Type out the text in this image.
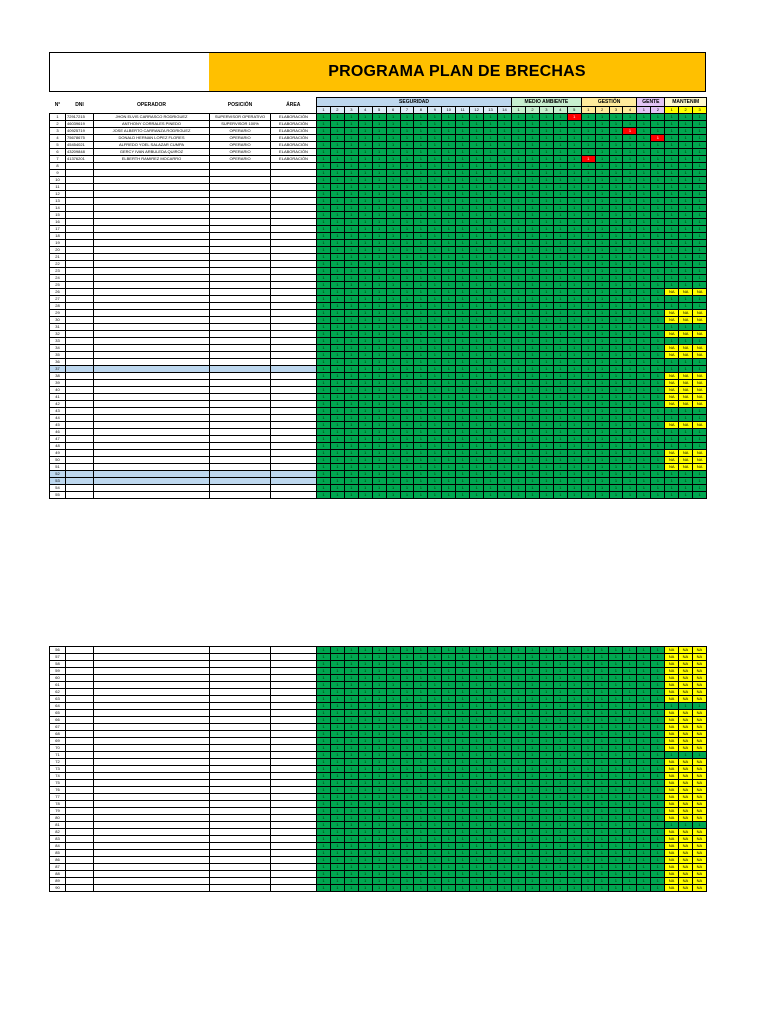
PROGRAMA PLAN DE BRECHAS
N°	DNI	OPERADOR	POSICIÓN	ÁREA	SEGURIDAD														MEDIO AMBIENTE					GESTIÓN				GENTE		MANTENIM		
					1	2	3	4	5	6	7	8	9	10	11	12	13	14	1	2	3	4	5	1	2	3	4	1	2	1	2	3
1	72917215	JHON ELVIS CARRASCO RODRIGUEZ	SUPERVISOR OPERATIVO	ELABORACIÓN	1	1	1	1	1	1	1	1	1	1	1	1	1	1	1	1	1	1	1	1	1	1	1	1	1	1	1	1
2	46039619	ANTHONY CORRALES PINEDO	SUPERVISOR 100%	ELABORACIÓN	1	1	1	1	1	1	1	1	1	1	1	1	1	1	1	1	1	1	1	1	1	1	1	1	1	1	1	1
3	40925719	JOSE ALBERTO CARRANZA RODRIGUEZ	OPERARIO	ELABORACIÓN	1	1	1	1	1	1	1	1	1	1	1	1	1	1	1	1	1	1	1	1	1	1	1	1	1	1	1	1
4	75678675	DONALD HERNAN LOPEZ FLORES	OPERARIO	ELABORACIÓN	1	1	1	1	1	1	1	1	1	1	1	1	1	1	1	1	1	1	1	1	1	1	1	1	1	1	1	1
5	45454021	ALFREDO YOEL SALAZAR CUMPA	OPERARIO	ELABORACIÓN	1	1	1	1	1	1	1	1	1	1	1	1	1	1	1	1	1	1	1	1	1	1	1	1	1	1	1	1
6	43209848	GERCY IVAN ARBULEDA QUIROZ	OPERARIO	ELABORACIÓN	1	1	1	1	1	1	1	1	1	1	1	1	1	1	1	1	1	1	1	1	1	1	1	1	1	1	1	1
7	41376201	ELBERTH RAMIREZ MOCARRO	OPERARIO	ELABORACIÓN	1	1	1	1	1	1	1	1	1	1	1	1	1	1	1	1	1	1	1	1	1	1	1	1	1	1	1	1
8					1	1	1	1	1	1	1	1	1	1	1	1	1	1	1	1	1	1	1	1	1	1	1	1	1	1	1	1
9					1	1	1	1	1	1	1	1	1	1	1	1	1	1	1	1	1	1	1	1	1	1	1	1	1	1	1	1
10					1	1	1	1	1	1	1	1	1	1	1	1	1	1	1	1	1	1	1	1	1	1	1	1	1	1	1	1
11					1	1	1	1	1	1	1	1	1	1	1	1	1	1	1	1	1	1	1	1	1	1	1	1	1	1	1	1
12					1	1	1	1	1	1	1	1	1	1	1	1	1	1	1	1	1	1	1	1	1	1	1	1	1	1	1	1
13					1	1	1	1	1	1	1	1	1	1	1	1	1	1	1	1	1	1	1	1	1	1	1	1	1	1	1	1
14					1	1	1	1	1	1	1	1	1	1	1	1	1	1	1	1	1	1	1	1	1	1	1	1	1	1	1	1
15					1	1	1	1	1	1	1	1	1	1	1	1	1	1	1	1	1	1	1	1	1	1	1	1	1	1	1	1
16					1	1	1	1	1	1	1	1	1	1	1	1	1	1	1	1	1	1	1	1	1	1	1	1	1	1	1	1
17					1	1	1	1	1	1	1	1	1	1	1	1	1	1	1	1	1	1	1	1	1	1	1	1	1	1	1	1
18					1	1	1	1	1	1	1	1	1	1	1	1	1	1	1	1	1	1	1	1	1	1	1	1	1	1	1	1
19					1	1	1	1	1	1	1	1	1	1	1	1	1	1	1	1	1	1	1	1	1	1	1	1	1	1	1	1
20					1	1	1	1	1	1	1	1	1	1	1	1	1	1	1	1	1	1	1	1	1	1	1	1	1	1	1	1
21					1	1	1	1	1	1	1	1	1	1	1	1	1	1	1	1	1	1	1	1	1	1	1	1	1	1	1	1
22					1	1	1	1	1	1	1	1	1	1	1	1	1	1	1	1	1	1	1	1	1	1	1	1	1	1	1	1
23					1	1	1	1	1	1	1	1	1	1	1	1	1	1	1	1	1	1	1	1	1	1	1	1	1	1	1	1
24					1	1	1	1	1	1	1	1	1	1	1	1	1	1	1	1	1	1	1	1	1	1	1	1	1	1	1	1
25					1	1	1	1	1	1	1	1	1	1	1	1	1	1	1	1	1	1	1	1	1	1	1	1	1	1	1	1
26					1	1	1	1	1	1	1	1	1	1	1	1	1	1	1	1	1	1	1	1	1	1	1	1	1	NA	NA	NA
27					1	1	1	1	1	1	1	1	1	1	1	1	1	1	1	1	1	1	1	1	1	1	1	1	1	1	1	1
28					1	1	1	1	1	1	1	1	1	1	1	1	1	1	1	1	1	1	1	1	1	1	1	1	1	1	1	1
29					1	1	1	1	1	1	1	1	1	1	1	1	1	1	1	1	1	1	1	1	1	1	1	1	1	NA	NA	NA
30					1	1	1	1	1	1	1	1	1	1	1	1	1	1	1	1	1	1	1	1	1	1	1	1	1	NA	NA	NA
31					1	1	1	1	1	1	1	1	1	1	1	1	1	1	1	1	1	1	1	1	1	1	1	1	1	1	1	1
32					1	1	1	1	1	1	1	1	1	1	1	1	1	1	1	1	1	1	1	1	1	1	1	1	1	NA	NA	NA
33					1	1	1	1	1	1	1	1	1	1	1	1	1	1	1	1	1	1	1	1	1	1	1	1	1	1	1	1
34					1	1	1	1	1	1	1	1	1	1	1	1	1	1	1	1	1	1	1	1	1	1	1	1	1	NA	NA	NA
35					1	1	1	1	1	1	1	1	1	1	1	1	1	1	1	1	1	1	1	1	1	1	1	1	1	NA	NA	NA
36					1	1	1	1	1	1	1	1	1	1	1	1	1	1	1	1	1	1	1	1	1	1	1	1	1	1	1	1
37					1	1	1	1	1	1	1	1	1	1	1	1	1	1	1	1	1	1	1	1	1	1	1	1	1	1	1	1
38					1	1	1	1	1	1	1	1	1	1	1	1	1	1	1	1	1	1	1	1	1	1	1	1	1	NA	NA	NA
39					1	1	1	1	1	1	1	1	1	1	1	1	1	1	1	1	1	1	1	1	1	1	1	1	1	NA	NA	NA
40					1	1	1	1	1	1	1	1	1	1	1	1	1	1	1	1	1	1	1	1	1	1	1	1	1	NA	NA	NA
41					1	1	1	1	1	1	1	1	1	1	1	1	1	1	1	1	1	1	1	1	1	1	1	1	1	NA	NA	NA
42					1	1	1	1	1	1	1	1	1	1	1	1	1	1	1	1	1	1	1	1	1	1	1	1	1	NA	NA	NA
43					1	1	1	1	1	1	1	1	1	1	1	1	1	1	1	1	1	1	1	1	1	1	1	1	1	1	1	1
44					1	1	1	1	1	1	1	1	1	1	1	1	1	1	1	1	1	1	1	1	1	1	1	1	1	1	1	1
45					1	1	1	1	1	1	1	1	1	1	1	1	1	1	1	1	1	1	1	1	1	1	1	1	1	NA	NA	NA
46					1	1	1	1	1	1	1	1	1	1	1	1	1	1	1	1	1	1	1	1	1	1	1	1	1	1	1	1
47					1	1	1	1	1	1	1	1	1	1	1	1	1	1	1	1	1	1	1	1	1	1	1	1	1	1	1	1
48					1	1	1	1	1	1	1	1	1	1	1	1	1	1	1	1	1	1	1	1	1	1	1	1	1	1	1	1
49					1	1	1	1	1	1	1	1	1	1	1	1	1	1	1	1	1	1	1	1	1	1	1	1	1	NA	NA	NA
50					1	1	1	1	1	1	1	1	1	1	1	1	1	1	1	1	1	1	1	1	1	1	1	1	1	NA	NA	NA
51					1	1	1	1	1	1	1	1	1	1	1	1	1	1	1	1	1	1	1	1	1	1	1	1	1	NA	NA	NA
52					1	1	1	1	1	1	1	1	1	1	1	1	1	1	1	1	1	1	1	1	1	1	1	1	1	1	1	1
53					1	1	1	1	1	1	1	1	1	1	1	1	1	1	1	1	1	1	1	1	1	1	1	1	1	1	1	1
54					1	1	1	1	1	1	1	1	1	1	1	1	1	1	1	1	1	1	1	1	1	1	1	1	1	1	1	1
55					1	1	1	1	1	1	1	1	1	1	1	1	1	1	1	1	1	1	1	1	1	1	1	1	1	1	1	1
56					1	1	1	1	1	1	1	1	1	1	1	1	1	1	1	1	1	1	1	1	1	1	1	1	1	NA	NA	NA
57					1	1	1	1	1	1	1	1	1	1	1	1	1	1	1	1	1	1	1	1	1	1	1	1	1	NA	NA	NA
58					1	1	1	1	1	1	1	1	1	1	1	1	1	1	1	1	1	1	1	1	1	1	1	1	1	NA	NA	NA
59					1	1	1	1	1	1	1	1	1	1	1	1	1	1	1	1	1	1	1	1	1	1	1	1	1	NA	NA	NA
60					1	1	1	1	1	1	1	1	1	1	1	1	1	1	1	1	1	1	1	1	1	1	1	1	1	NA	NA	NA
61					1	1	1	1	1	1	1	1	1	1	1	1	1	1	1	1	1	1	1	1	1	1	1	1	1	NA	NA	NA
62					1	1	1	1	1	1	1	1	1	1	1	1	1	1	1	1	1	1	1	1	1	1	1	1	1	NA	NA	NA
63					1	1	1	1	1	1	1	1	1	1	1	1	1	1	1	1	1	1	1	1	1	1	1	1	1	NA	NA	NA
64					1	1	1	1	1	1	1	1	1	1	1	1	1	1	1	1	1	1	1	1	1	1	1	1	1	1	1	1
65					1	1	1	1	1	1	1	1	1	1	1	1	1	1	1	1	1	1	1	1	1	1	1	1	1	NA	NA	NA
66					1	1	1	1	1	1	1	1	1	1	1	1	1	1	1	1	1	1	1	1	1	1	1	1	1	NA	NA	NA
67					1	1	1	1	1	1	1	1	1	1	1	1	1	1	1	1	1	1	1	1	1	1	1	1	1	NA	NA	NA
68					1	1	1	1	1	1	1	1	1	1	1	1	1	1	1	1	1	1	1	1	1	1	1	1	1	NA	NA	NA
69					1	1	1	1	1	1	1	1	1	1	1	1	1	1	1	1	1	1	1	1	1	1	1	1	1	NA	NA	NA
70					1	1	1	1	1	1	1	1	1	1	1	1	1	1	1	1	1	1	1	1	1	1	1	1	1	NA	NA	NA
71					1	1	1	1	1	1	1	1	1	1	1	1	1	1	1	1	1	1	1	1	1	1	1	1	1	1	1	1
72					1	1	1	1	1	1	1	1	1	1	1	1	1	1	1	1	1	1	1	1	1	1	1	1	1	NA	NA	NA
73					1	1	1	1	1	1	1	1	1	1	1	1	1	1	1	1	1	1	1	1	1	1	1	1	1	NA	NA	NA
74					1	1	1	1	1	1	1	1	1	1	1	1	1	1	1	1	1	1	1	1	1	1	1	1	1	NA	NA	NA
75					1	1	1	1	1	1	1	1	1	1	1	1	1	1	1	1	1	1	1	1	1	1	1	1	1	NA	NA	NA
76					1	1	1	1	1	1	1	1	1	1	1	1	1	1	1	1	1	1	1	1	1	1	1	1	1	NA	NA	NA
77					1	1	1	1	1	1	1	1	1	1	1	1	1	1	1	1	1	1	1	1	1	1	1	1	1	NA	NA	NA
78					1	1	1	1	1	1	1	1	1	1	1	1	1	1	1	1	1	1	1	1	1	1	1	1	1	NA	NA	NA
79					1	1	1	1	1	1	1	1	1	1	1	1	1	1	1	1	1	1	1	1	1	1	1	1	1	NA	NA	NA
80					1	1	1	1	1	1	1	1	1	1	1	1	1	1	1	1	1	1	1	1	1	1	1	1	1	NA	NA	NA
81					1	1	1	1	1	1	1	1	1	1	1	1	1	1	1	1	1	1	1	1	1	1	1	1	1	1	1	1
82					1	1	1	1	1	1	1	1	1	1	1	1	1	1	1	1	1	1	1	1	1	1	1	1	1	NA	NA	NA
83					1	1	1	1	1	1	1	1	1	1	1	1	1	1	1	1	1	1	1	1	1	1	1	1	1	NA	NA	NA
84					1	1	1	1	1	1	1	1	1	1	1	1	1	1	1	1	1	1	1	1	1	1	1	1	1	NA	NA	NA
85					1	1	1	1	1	1	1	1	1	1	1	1	1	1	1	1	1	1	1	1	1	1	1	1	1	NA	NA	NA
86					1	1	1	1	1	1	1	1	1	1	1	1	1	1	1	1	1	1	1	1	1	1	1	1	1	NA	NA	NA
87					1	1	1	1	1	1	1	1	1	1	1	1	1	1	1	1	1	1	1	1	1	1	1	1	1	NA	NA	NA
88					1	1	1	1	1	1	1	1	1	1	1	1	1	1	1	1	1	1	1	1	1	1	1	1	1	NA	NA	NA
89					1	1	1	1	1	1	1	1	1	1	1	1	1	1	1	1	1	1	1	1	1	1	1	1	1	NA	NA	NA
90					1	1	1	1	1	1	1	1	1	1	1	1	1	1	1	1	1	1	1	1	1	1	1	1	1	NA	NA	NA
